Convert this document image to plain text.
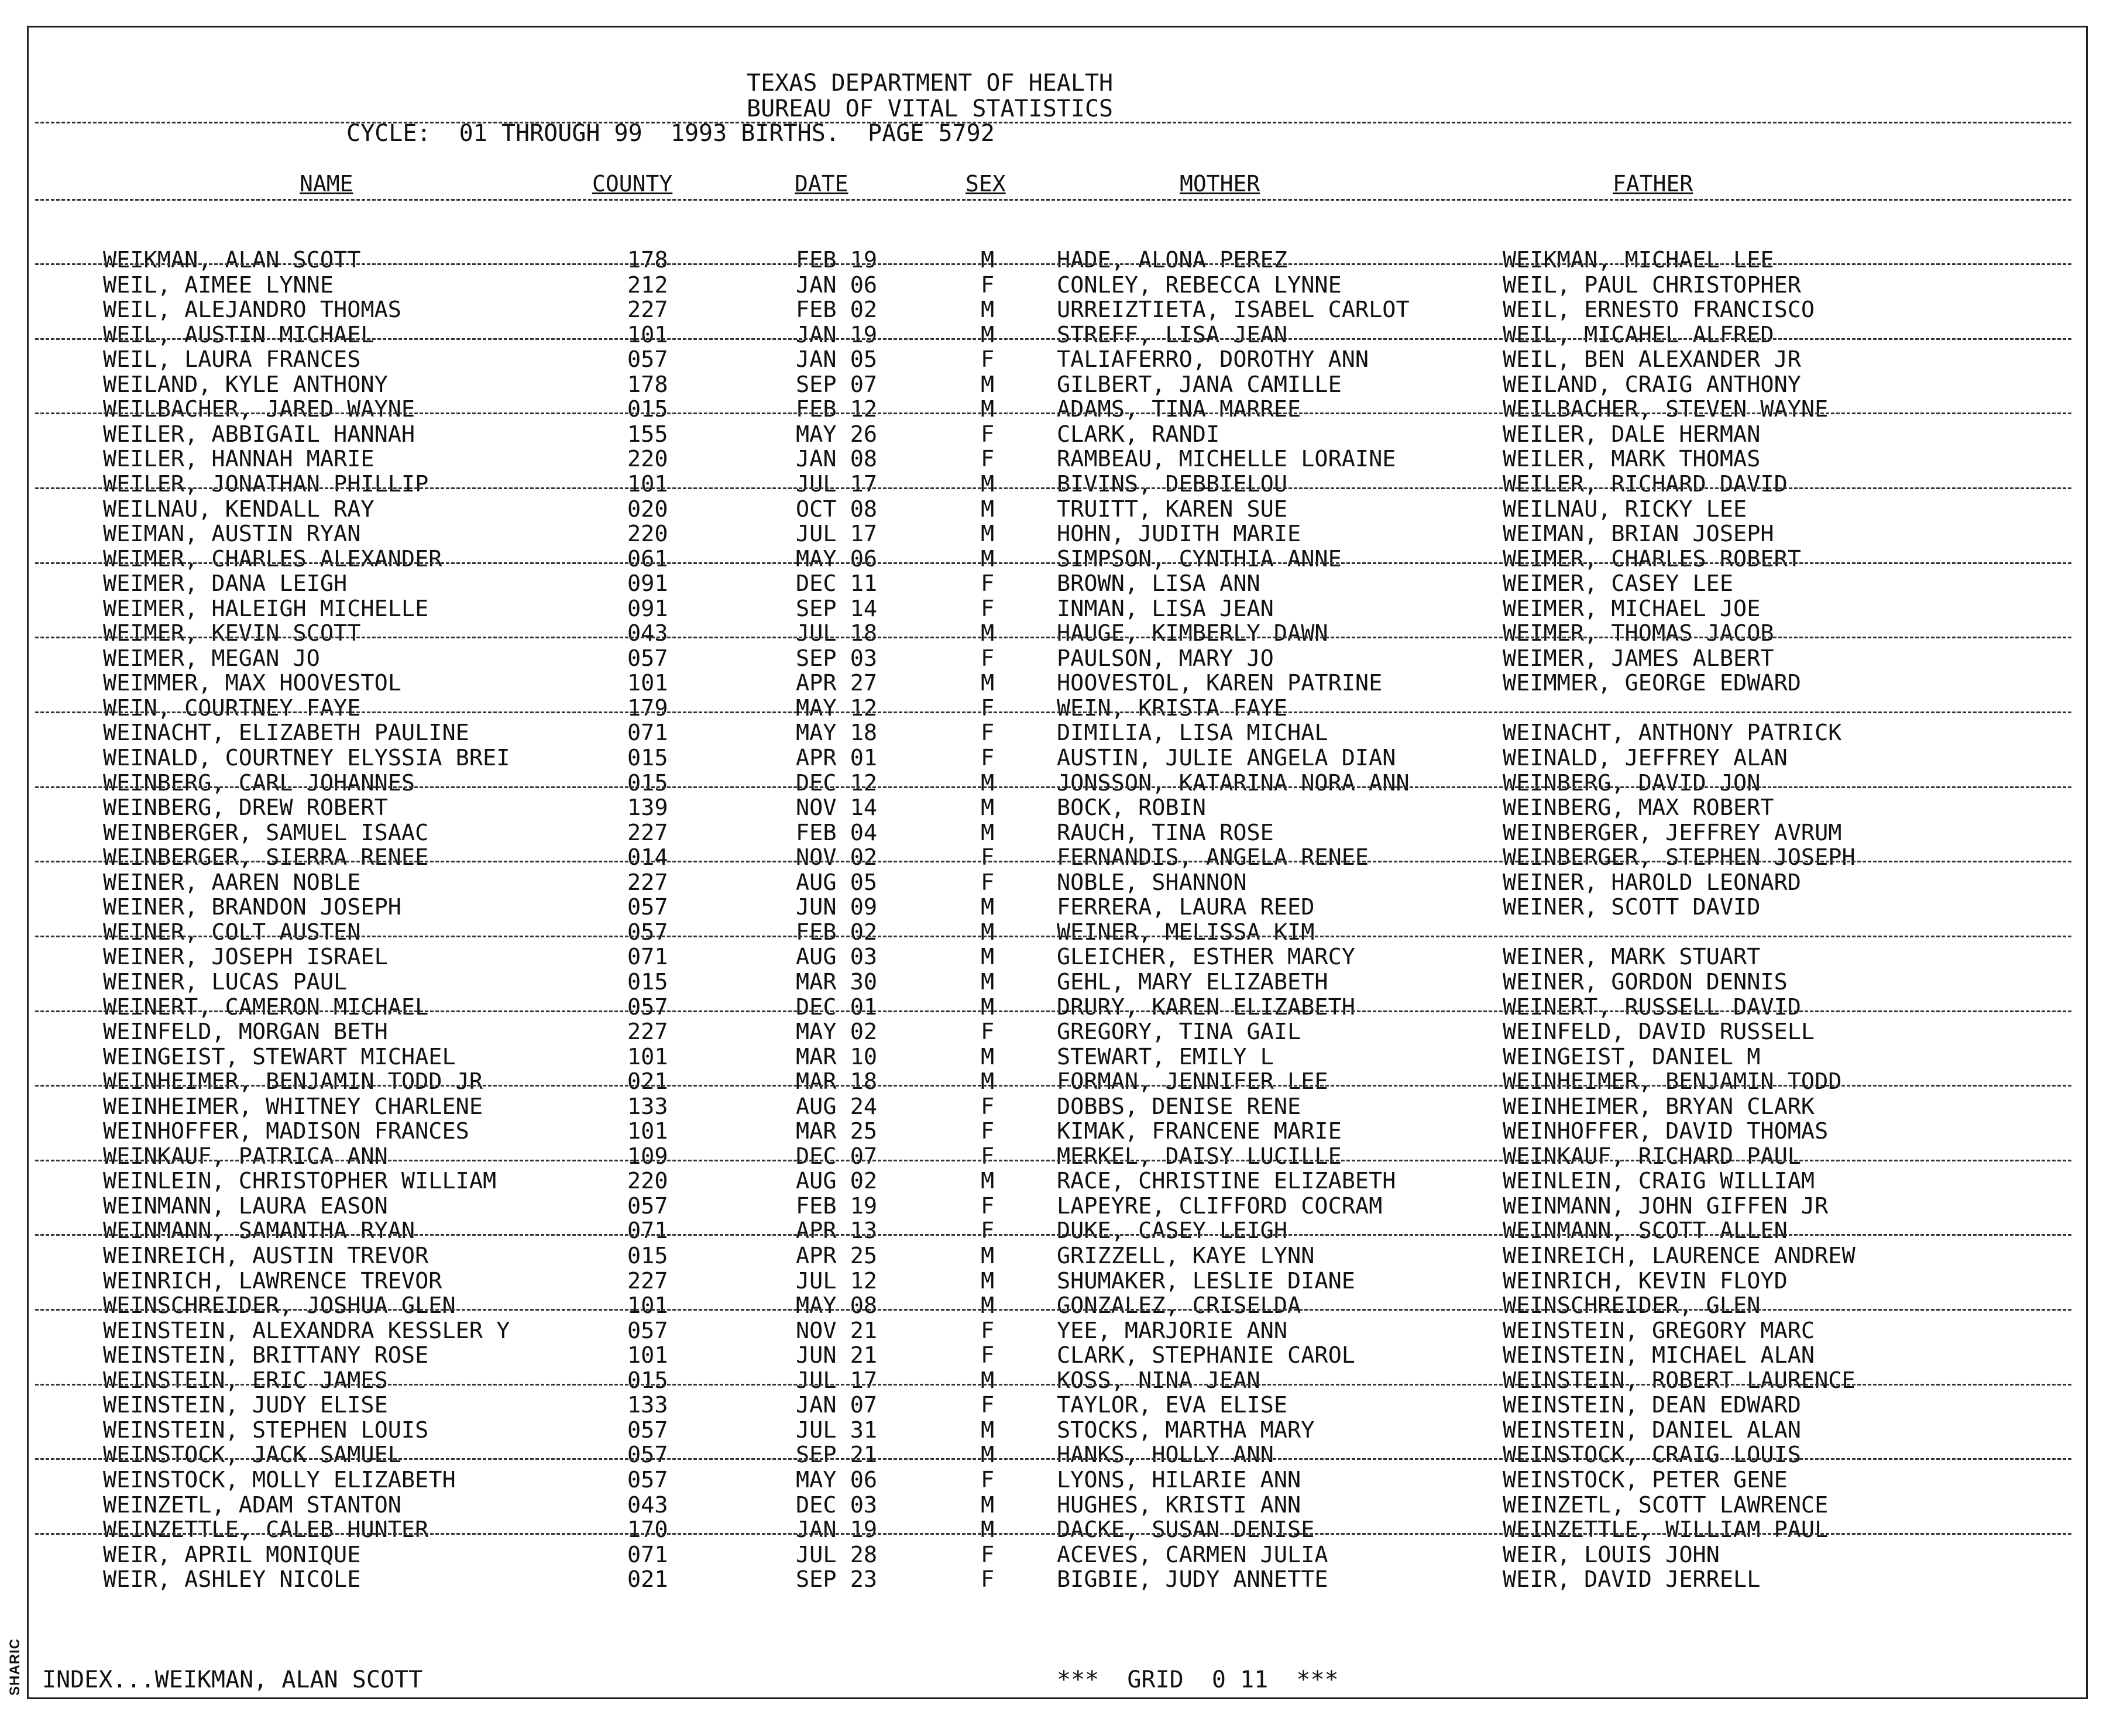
SHARIC
TEXAS DEPARTMENT OF HEALTH
BUREAU OF VITAL STATISTICS
CYCLE:  01 THROUGH 99  1993 BIRTHS.  PAGE 5792
NAME	COUNTY	DATE	SEX	MOTHER	FATHER
WEIKMAN, ALAN SCOTT	178	FEB 19	M	HADE, ALONA PEREZ	WEIKMAN, MICHAEL LEE
WEIL, AIMEE LYNNE	212	JAN 06	F	CONLEY, REBECCA LYNNE	WEIL, PAUL CHRISTOPHER
WEIL, ALEJANDRO THOMAS	227	FEB 02	M	URREIZTIETA, ISABEL CARLOT	WEIL, ERNESTO FRANCISCO
WEIL, AUSTIN MICHAEL	101	JAN 19	M	STREFF, LISA JEAN	WEIL, MICAHEL ALFRED
WEIL, LAURA FRANCES	057	JAN 05	F	TALIAFERRO, DOROTHY ANN	WEIL, BEN ALEXANDER JR
WEILAND, KYLE ANTHONY	178	SEP 07	M	GILBERT, JANA CAMILLE	WEILAND, CRAIG ANTHONY
WEILBACHER, JARED WAYNE	015	FEB 12	M	ADAMS, TINA MARREE	WEILBACHER, STEVEN WAYNE
WEILER, ABBIGAIL HANNAH	155	MAY 26	F	CLARK, RANDI	WEILER, DALE HERMAN
WEILER, HANNAH MARIE	220	JAN 08	F	RAMBEAU, MICHELLE LORAINE	WEILER, MARK THOMAS
WEILER, JONATHAN PHILLIP	101	JUL 17	M	BIVINS, DEBBIELOU	WEILER, RICHARD DAVID
WEILNAU, KENDALL RAY	020	OCT 08	M	TRUITT, KAREN SUE	WEILNAU, RICKY LEE
WEIMAN, AUSTIN RYAN	220	JUL 17	M	HOHN, JUDITH MARIE	WEIMAN, BRIAN JOSEPH
WEIMER, CHARLES ALEXANDER	061	MAY 06	M	SIMPSON, CYNTHIA ANNE	WEIMER, CHARLES ROBERT
WEIMER, DANA LEIGH	091	DEC 11	F	BROWN, LISA ANN	WEIMER, CASEY LEE
WEIMER, HALEIGH MICHELLE	091	SEP 14	F	INMAN, LISA JEAN	WEIMER, MICHAEL JOE
WEIMER, KEVIN SCOTT	043	JUL 18	M	HAUGE, KIMBERLY DAWN	WEIMER, THOMAS JACOB
WEIMER, MEGAN JO	057	SEP 03	F	PAULSON, MARY JO	WEIMER, JAMES ALBERT
WEIMMER, MAX HOOVESTOL	101	APR 27	M	HOOVESTOL, KAREN PATRINE	WEIMMER, GEORGE EDWARD
WEIN, COURTNEY FAYE	179	MAY 12	F	WEIN, KRISTA FAYE
WEINACHT, ELIZABETH PAULINE	071	MAY 18	F	DIMILIA, LISA MICHAL	WEINACHT, ANTHONY PATRICK
WEINALD, COURTNEY ELYSSIA BREI	015	APR 01	F	AUSTIN, JULIE ANGELA DIAN	WEINALD, JEFFREY ALAN
WEINBERG, CARL JOHANNES	015	DEC 12	M	JONSSON, KATARINA NORA ANN	WEINBERG, DAVID JON
WEINBERG, DREW ROBERT	139	NOV 14	M	BOCK, ROBIN	WEINBERG, MAX ROBERT
WEINBERGER, SAMUEL ISAAC	227	FEB 04	M	RAUCH, TINA ROSE	WEINBERGER, JEFFREY AVRUM
WEINBERGER, SIERRA RENEE	014	NOV 02	F	FERNANDIS, ANGELA RENEE	WEINBERGER, STEPHEN JOSEPH
WEINER, AAREN NOBLE	227	AUG 05	F	NOBLE, SHANNON	WEINER, HAROLD LEONARD
WEINER, BRANDON JOSEPH	057	JUN 09	M	FERRERA, LAURA REED	WEINER, SCOTT DAVID
WEINER, COLT AUSTEN	057	FEB 02	M	WEINER, MELISSA KIM
WEINER, JOSEPH ISRAEL	071	AUG 03	M	GLEICHER, ESTHER MARCY	WEINER, MARK STUART
WEINER, LUCAS PAUL	015	MAR 30	M	GEHL, MARY ELIZABETH	WEINER, GORDON DENNIS
WEINERT, CAMERON MICHAEL	057	DEC 01	M	DRURY, KAREN ELIZABETH	WEINERT, RUSSELL DAVID
WEINFELD, MORGAN BETH	227	MAY 02	F	GREGORY, TINA GAIL	WEINFELD, DAVID RUSSELL
WEINGEIST, STEWART MICHAEL	101	MAR 10	M	STEWART, EMILY L	WEINGEIST, DANIEL M
WEINHEIMER, BENJAMIN TODD JR	021	MAR 18	M	FORMAN, JENNIFER LEE	WEINHEIMER, BENJAMIN TODD
WEINHEIMER, WHITNEY CHARLENE	133	AUG 24	F	DOBBS, DENISE RENE	WEINHEIMER, BRYAN CLARK
WEINHOFFER, MADISON FRANCES	101	MAR 25	F	KIMAK, FRANCENE MARIE	WEINHOFFER, DAVID THOMAS
WEINKAUF, PATRICA ANN	109	DEC 07	F	MERKEL, DAISY LUCILLE	WEINKAUF, RICHARD PAUL
WEINLEIN, CHRISTOPHER WILLIAM	220	AUG 02	M	RACE, CHRISTINE ELIZABETH	WEINLEIN, CRAIG WILLIAM
WEINMANN, LAURA EASON	057	FEB 19	F	LAPEYRE, CLIFFORD COCRAM	WEINMANN, JOHN GIFFEN JR
WEINMANN, SAMANTHA RYAN	071	APR 13	F	DUKE, CASEY LEIGH	WEINMANN, SCOTT ALLEN
WEINREICH, AUSTIN TREVOR	015	APR 25	M	GRIZZELL, KAYE LYNN	WEINREICH, LAURENCE ANDREW
WEINRICH, LAWRENCE TREVOR	227	JUL 12	M	SHUMAKER, LESLIE DIANE	WEINRICH, KEVIN FLOYD
WEINSCHREIDER, JOSHUA GLEN	101	MAY 08	M	GONZALEZ, CRISELDA	WEINSCHREIDER, GLEN
WEINSTEIN, ALEXANDRA KESSLER Y	057	NOV 21	F	YEE, MARJORIE ANN	WEINSTEIN, GREGORY MARC
WEINSTEIN, BRITTANY ROSE	101	JUN 21	F	CLARK, STEPHANIE CAROL	WEINSTEIN, MICHAEL ALAN
WEINSTEIN, ERIC JAMES	015	JUL 17	M	KOSS, NINA JEAN	WEINSTEIN, ROBERT LAURENCE
WEINSTEIN, JUDY ELISE	133	JAN 07	F	TAYLOR, EVA ELISE	WEINSTEIN, DEAN EDWARD
WEINSTEIN, STEPHEN LOUIS	057	JUL 31	M	STOCKS, MARTHA MARY	WEINSTEIN, DANIEL ALAN
WEINSTOCK, JACK SAMUEL	057	SEP 21	M	HANKS, HOLLY ANN	WEINSTOCK, CRAIG LOUIS
WEINSTOCK, MOLLY ELIZABETH	057	MAY 06	F	LYONS, HILARIE ANN	WEINSTOCK, PETER GENE
WEINZETL, ADAM STANTON	043	DEC 03	M	HUGHES, KRISTI ANN	WEINZETL, SCOTT LAWRENCE
WEINZETTLE, CALEB HUNTER	170	JAN 19	M	DACKE, SUSAN DENISE	WEINZETTLE, WILLIAM PAUL
WEIR, APRIL MONIQUE	071	JUL 28	F	ACEVES, CARMEN JULIA	WEIR, LOUIS JOHN
WEIR, ASHLEY NICOLE	021	SEP 23	F	BIGBIE, JUDY ANNETTE	WEIR, DAVID JERRELL
INDEX...WEIKMAN, ALAN SCOTT	***  GRID  0 11  ***
